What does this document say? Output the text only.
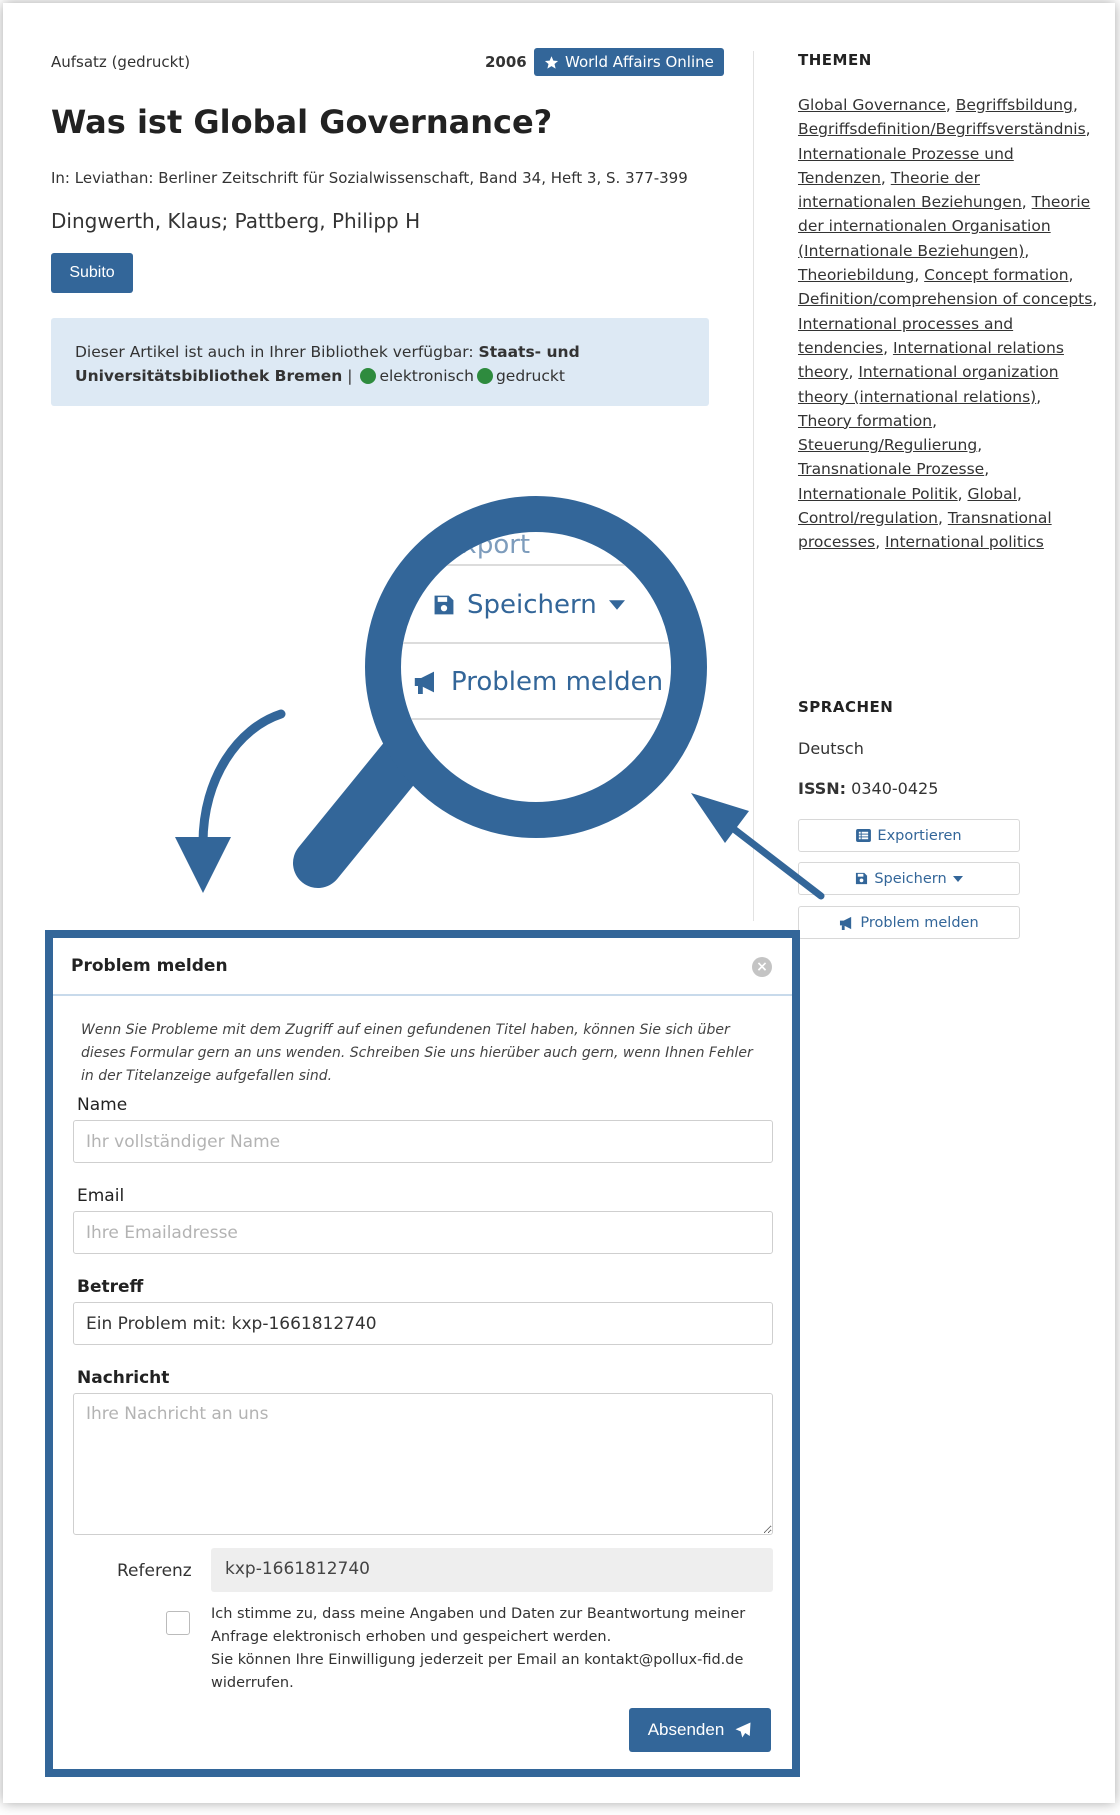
Aufsatz (gedruckt)	2006	World Affairs Online
Was ist Global Governance?
In: Leviathan: Berliner Zeitschrift für Sozialwissenschaft, Band 34, Heft 3, S. 377-399
Dingwerth, Klaus; Pattberg, Philipp H
Subito
Dieser Artikel ist auch in Ihrer Bibliothek verfügbar: Staats- und Universitätsbibliothek Bremen | elektronisch gedruckt
THEMEN
Global Governance, Begriffsbildung, Begriffsdefinition/Begriffsverständnis, Internationale Prozesse und Tendenzen, Theorie der internationalen Beziehungen, Theorie der internationalen Organisation (Internationale Beziehungen), Theoriebildung, Concept formation, Definition/comprehension of concepts, International processes and tendencies, International relations theory, International organization theory (international relations), Theory formation, Steuerung/Regulierung, Transnationale Prozesse, Internationale Politik, Global, Control/regulation, Transnational processes, International politics
SPRACHEN
Deutsch
ISSN: 0340-0425
Exportieren
Speichern
Problem melden
Export
Speichern
Problem melden
Problem melden	×
Wenn Sie Probleme mit dem Zugriff auf einen gefundenen Titel haben, können Sie sich über dieses Formular gern an uns wenden. Schreiben Sie uns hierüber auch gern, wenn Ihnen Fehler in der Titelanzeige aufgefallen sind.
Name
Ihr vollständiger Name
Email
Ihre Emailadresse
Betreff
Ein Problem mit: kxp-1661812740
Nachricht
Ihre Nachricht an uns
Referenz	kxp-1661812740
Ich stimme zu, dass meine Angaben und Daten zur Beantwortung meiner Anfrage elektronisch erhoben und gespeichert werden.
Sie können Ihre Einwilligung jederzeit per Email an kontakt@pollux-fid.de widerrufen.
Absenden
